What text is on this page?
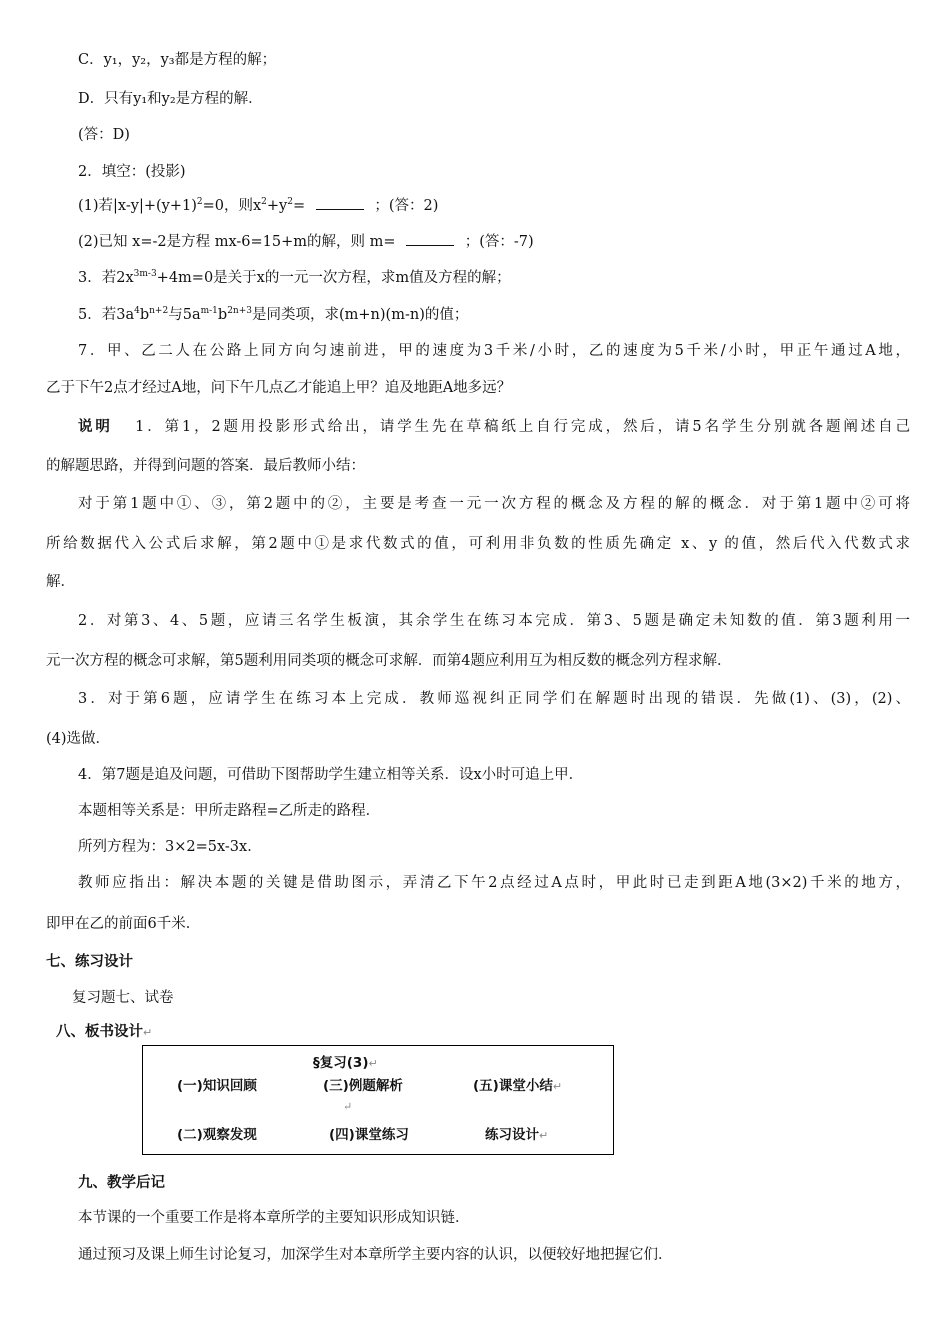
C．y₁，y₂，y₃都是方程的解；
D．只有y₁和y₂是方程的解．
(答：D)
2．填空：(投影)
(1)若$|x-y|+(y+1)^2=0$，则$x^2+y^2=$	；(答：2)
(2)已知 x=-2是方程 mx-6=15+m的解，则 m=	；(答：-7)
3．若$2x^{3m-3}+4m=0$是关于x的一元一次方程，求m值及方程的解；
5．若$3a^4b^{n+2}$与$5a^{m-1}b^{2n+3}$是同类项，求(m+n)(m-n)的值；
7．甲、乙二人在公路上同方向匀速前进，甲的速度为3千米/小时，乙的速度为5千米/小时，甲正午通过A地，
乙于下午2点才经过A地，问下午几点乙才能追上甲？追及地距A地多远？
说明 1．第1，2题用投影形式给出，请学生先在草稿纸上自行完成，然后，请5名学生分别就各题阐述自己
的解题思路，并得到问题的答案．最后教师小结：
对于第1题中①、③，第2题中的②，主要是考查一元一次方程的概念及方程的解的概念．对于第1题中②可将
所给数据代入公式后求解，第2题中①是求代数式的值，可利用非负数的性质先确定 x、y 的值，然后代入代数式求
解．
2．对第3、4、5题，应请三名学生板演，其余学生在练习本完成．第3、5题是确定未知数的值．第3题利用一
元一次方程的概念可求解，第5题利用同类项的概念可求解．而第4题应利用互为相反数的概念列方程求解．
3．对于第6题，应请学生在练习本上完成．教师巡视纠正同学们在解题时出现的错误．先做(1)、(3)，(2)、
(4)选做．
4．第7题是追及问题，可借助下图帮助学生建立相等关系．设x小时可追上甲．
本题相等关系是：甲所走路程=乙所走的路程．
所列方程为：3×2=5x-3x．
教师应指出：解决本题的关键是借助图示，弄清乙下午2点经过A点时，甲此时已走到距A地(3×2)千米的地方，
即甲在乙的前面6千米．
七、练习设计
复习题七、试卷
八、板书设计↵
§复习(3)↵
(一)知识回顾	(三)例题解析	(五)课堂小结↵
↵
(二)观察发现	(四)课堂练习	练习设计↵
九、教学后记
本节课的一个重要工作是将本章所学的主要知识形成知识链．
通过预习及课上师生讨论复习，加深学生对本章所学主要内容的认识，以便较好地把握它们．
